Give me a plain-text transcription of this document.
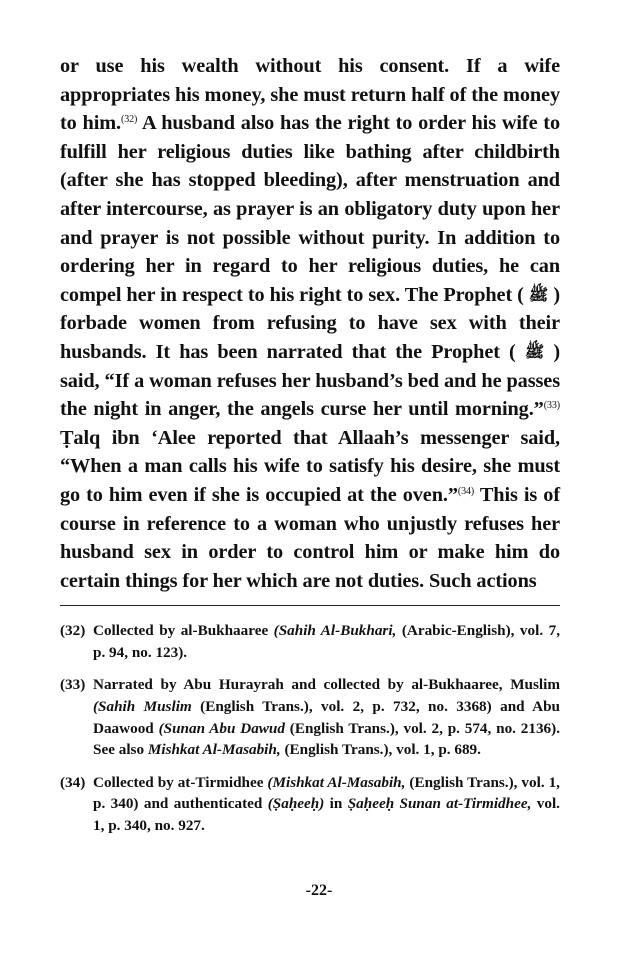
or use his wealth without his consent. If a wife appropriates his money, she must return half of the money to him.$^{(32)}$ A husband also has the right to order his wife to fulfill her religious duties like bathing after childbirth (after she has stopped bleeding), after menstruation and after intercourse, as prayer is an obligatory duty upon her and prayer is not possible without purity. In addition to ordering her in regard to her religious duties, he can compel her in respect to his right to sex. The Prophet ( ﷺ ) forbade women from refusing to have sex with their husbands. It has been narrated that the Prophet ( ﷺ ) said, “If a woman refuses her husband’s bed and he passes the night in anger, the angels curse her until morning.”$^{(33)}$ Ṭalq ibn ‘Alee reported that Allaah’s messenger said, “When a man calls his wife to satisfy his desire, she must go to him even if she is occupied at the oven.”$^{(34)}$ This is of course in reference to a woman who unjustly refuses her husband sex in order to control him or make him do certain things for her which are not duties. Such actions

(32) Collected by al-Bukhaaree (Sahih Al-Bukhari, (Arabic-English), vol. 7, p. 94, no. 123).
(33) Narrated by Abu Hurayrah and collected by al-Bukhaaree, Muslim (Sahih Muslim (English Trans.), vol. 2, p. 732, no. 3368) and Abu Daawood (Sunan Abu Dawud (English Trans.), vol. 2, p. 574, no. 2136). See also Mishkat Al-Masabih, (English Trans.), vol. 1, p. 689.
(34) Collected by at-Tirmidhee (Mishkat Al-Masabih, (English Trans.), vol. 1, p. 340) and authenticated (Ṣaḥeeḥ) in Ṣaḥeeḥ Sunan at-Tirmidhee, vol. 1, p. 340, no. 927.
-22-
